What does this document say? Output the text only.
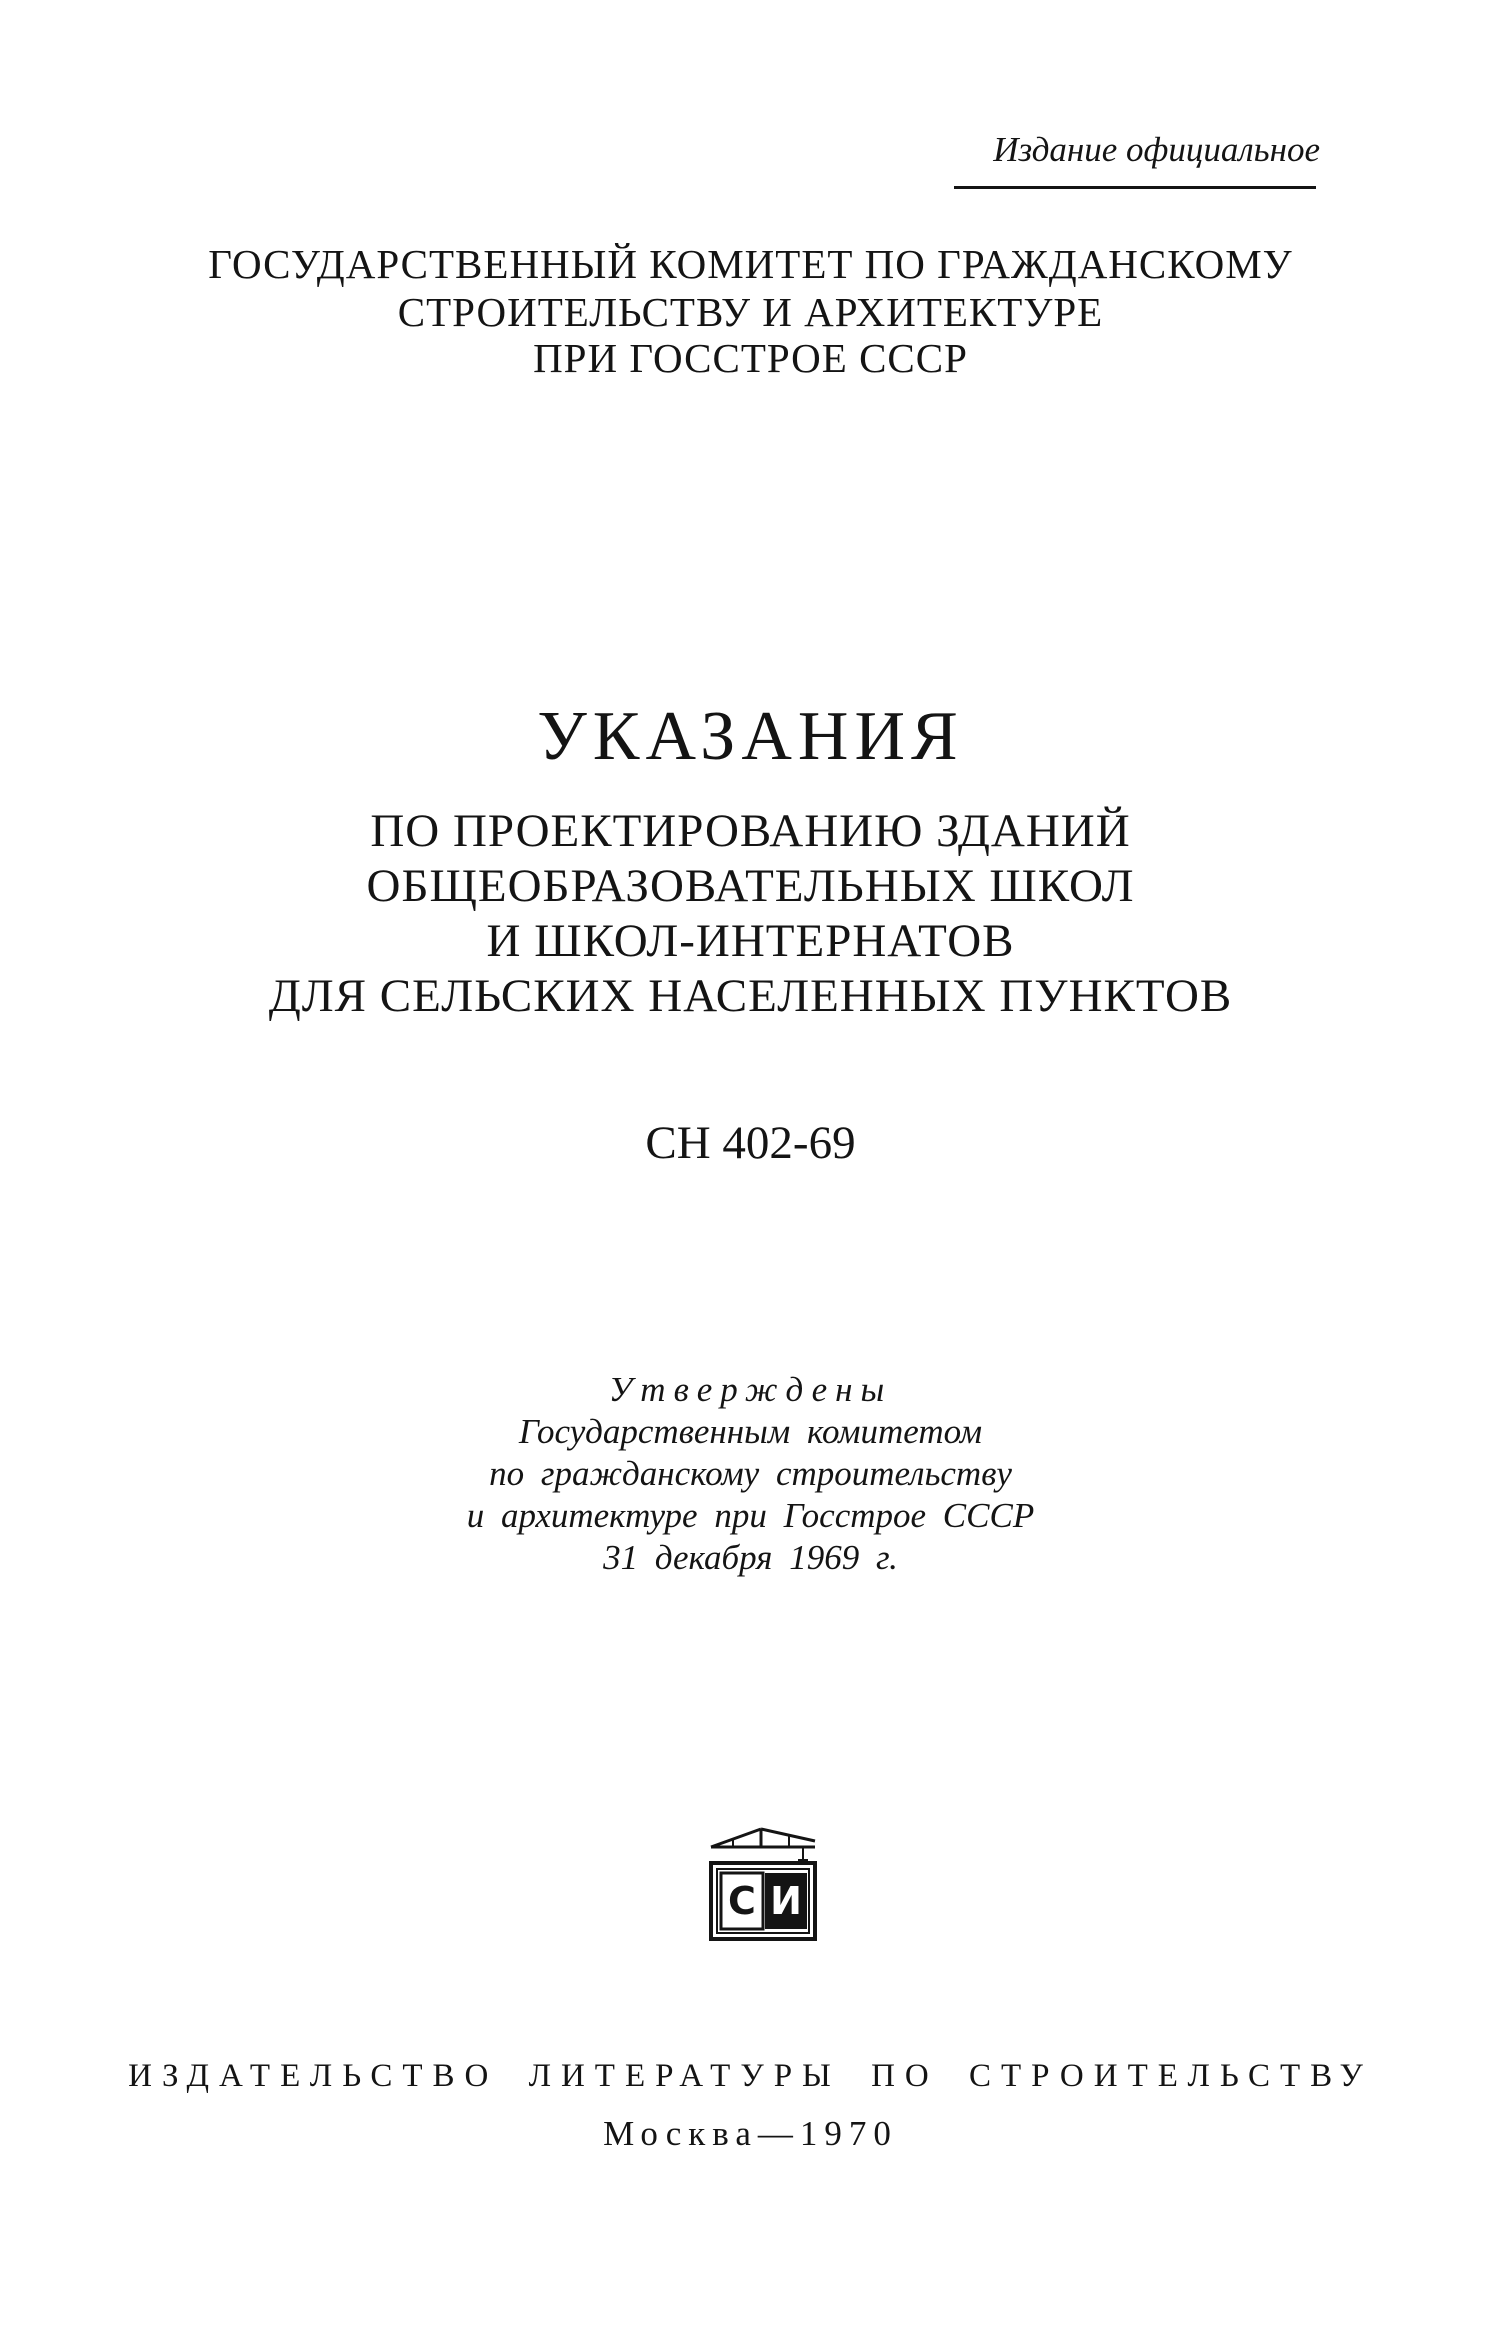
Издание официальное
ГОСУДАРСТВЕННЫЙ КОМИТЕТ ПО ГРАЖДАНСКОМУ
СТРОИТЕЛЬСТВУ И АРХИТЕКТУРЕ
ПРИ ГОССТРОЕ СССР
УКАЗАНИЯ
ПО ПРОЕКТИРОВАНИЮ ЗДАНИЙ
ОБЩЕОБРАЗОВАТЕЛЬНЫХ ШКОЛ
И ШКОЛ-ИНТЕРНАТОВ
ДЛЯ СЕЛЬСКИХ НАСЕЛЕННЫХ ПУНКТОВ
СН 402-69
Утверждены
Государственным комитетом
по гражданскому строительству
и архитектуре при Госстрое СССР
31 декабря 1969 г.
С И
ИЗДАТЕЛЬСТВО ЛИТЕРАТУРЫ ПО СТРОИТЕЛЬСТВУ
Москва—1970
